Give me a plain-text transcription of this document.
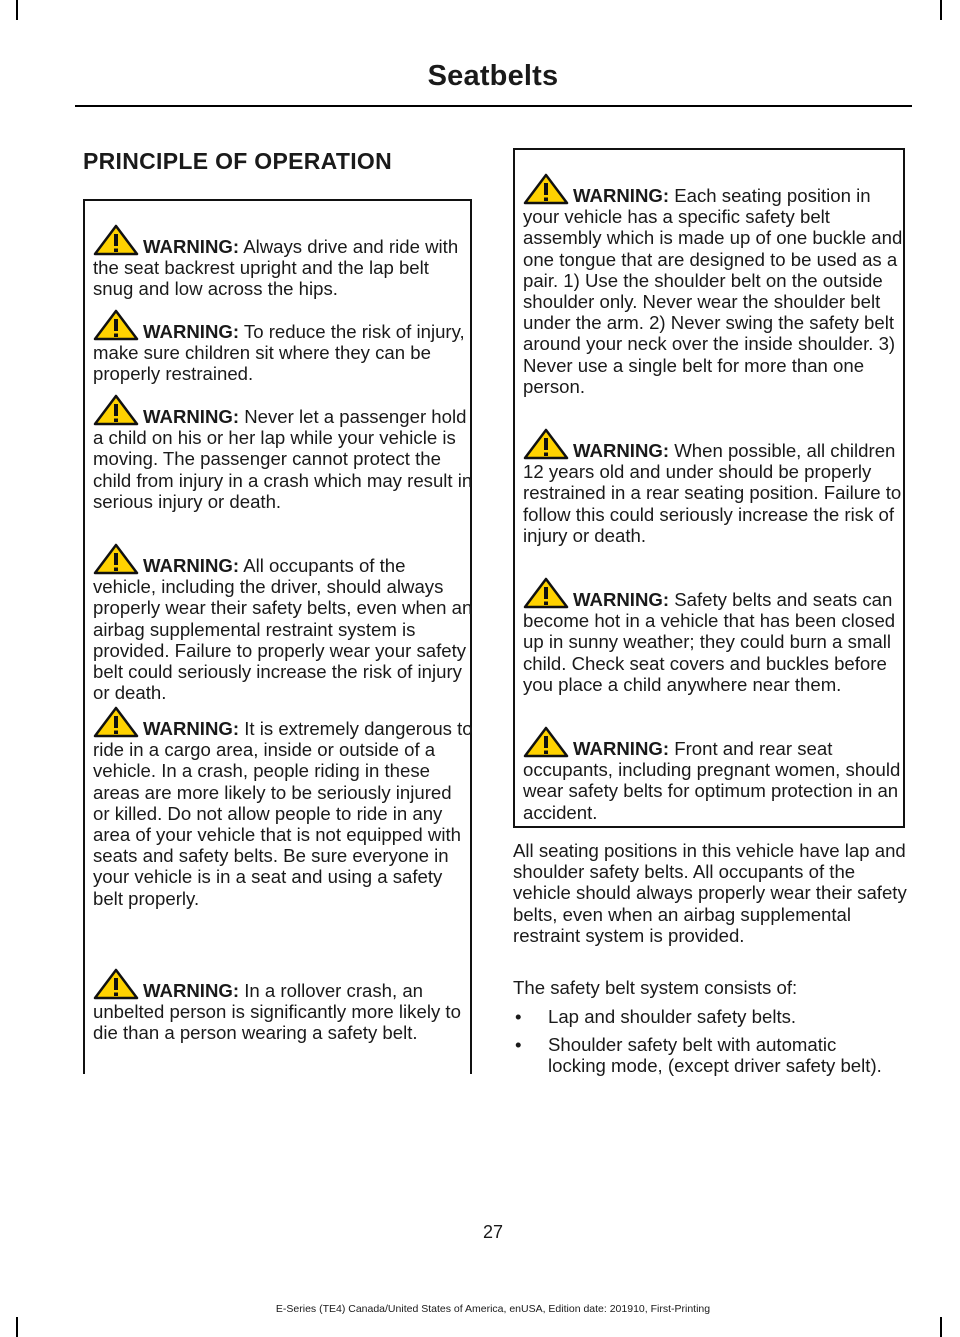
Seatbelts
PRINCIPLE OF OPERATION

WARNING: Always drive and ride with the seat backrest upright and the lap belt snug and low across the hips.

WARNING: To reduce the risk of injury, make sure children sit where they can be properly restrained.

WARNING: Never let a passenger hold a child on his or her lap while your vehicle is moving. The passenger cannot protect the child from injury in a crash which may result in serious injury or death.

WARNING: All occupants of the vehicle, including the driver, should always properly wear their safety belts, even when an airbag supplemental restraint system is provided. Failure to properly wear your safety belt could seriously increase the risk of injury or death.

WARNING: It is extremely dangerous to ride in a cargo area, inside or outside of a vehicle. In a crash, people riding in these areas are more likely to be seriously injured or killed. Do not allow people to ride in any area of your vehicle that is not equipped with seats and safety belts. Be sure everyone in your vehicle is in a seat and using a safety belt properly.

WARNING: In a rollover crash, an unbelted person is significantly more likely to die than a person wearing a safety belt.

WARNING: Each seating position in your vehicle has a specific safety belt assembly which is made up of one buckle and one tongue that are designed to be used as a pair. 1) Use the shoulder belt on the outside shoulder only. Never wear the shoulder belt under the arm. 2) Never swing the safety belt around your neck over the inside shoulder. 3) Never use a single belt for more than one person.

WARNING: When possible, all children 12 years old and under should be properly restrained in a rear seating position. Failure to follow this could seriously increase the risk of injury or death.

WARNING: Safety belts and seats can become hot in a vehicle that has been closed up in sunny weather; they could burn a small child. Check seat covers and buckles before you place a child anywhere near them.

WARNING: Front and rear seat occupants, including pregnant women, should wear safety belts for optimum protection in an accident.

All seating positions in this vehicle have lap and shoulder safety belts. All occupants of the vehicle should always properly wear their safety belts, even when an airbag supplemental restraint system is provided.

The safety belt system consists of:

• Lap and shoulder safety belts.
• Shoulder safety belt with automatic locking mode, (except driver safety belt).
27
E-Series (TE4) Canada/United States of America, enUSA, Edition date: 201910, First-Printing
